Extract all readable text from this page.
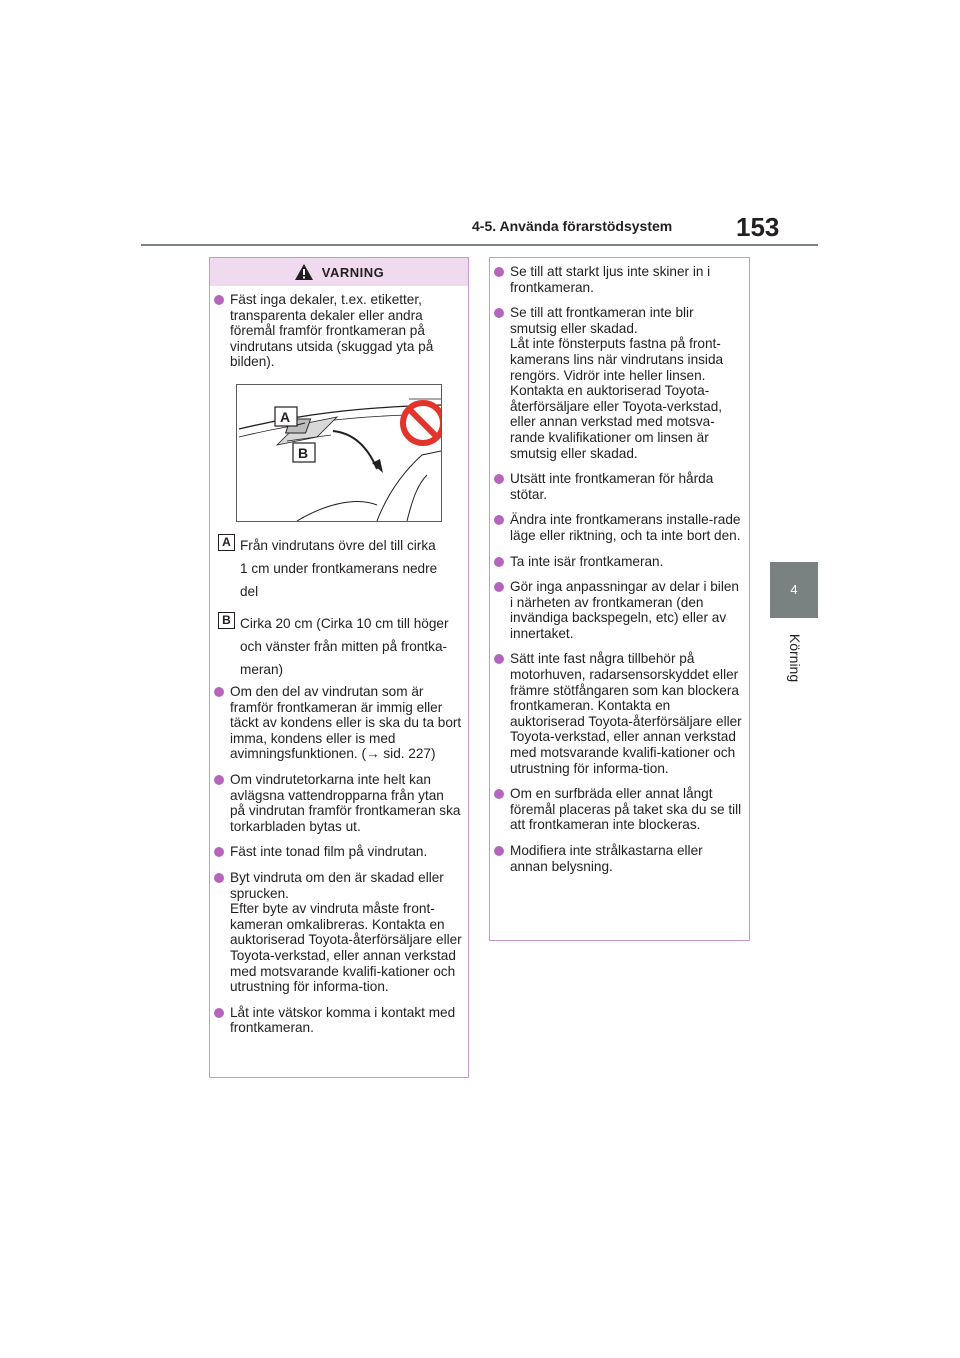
4-5. Använda förarstödsystem 153
4
Körning
VARNING
Fäst inga dekaler, t.ex. etiketter, transparenta dekaler eller andra föremål framför frontkameran på vindrutans utsida (skuggad yta på bilden).
A
B
A Från vindrutans övre del till cirka
1 cm under frontkamerans nedre
del
B Cirka 20 cm (Cirka 10 cm till höger
och vänster från mitten på frontka-
meran)
Om den del av vindrutan som är framför frontkameran är immig eller täckt av kondens eller is ska du ta bort imma, kondens eller is med avimningsfunktionen. (→ sid. 227)
Om vindrutetorkarna inte helt kan avlägsna vattendropparna från ytan på vindrutan framför frontkameran ska torkarbladen bytas ut.
Fäst inte tonad film på vindrutan.
Byt vindruta om den är skadad eller sprucken.
Efter byte av vindruta måste front-kameran omkalibreras. Kontakta en auktoriserad Toyota-återförsäljare eller Toyota-verkstad, eller annan verkstad med motsvarande kvalifi-kationer och utrustning för informa-tion.
Låt inte vätskor komma i kontakt med frontkameran.
Se till att starkt ljus inte skiner in i frontkameran.
Se till att frontkameran inte blir smutsig eller skadad.
Låt inte fönsterputs fastna på front-kamerans lins när vindrutans insida rengörs. Vidrör inte heller linsen. Kontakta en auktoriserad Toyota-återförsäljare eller Toyota-verkstad, eller annan verkstad med motsva-rande kvalifikationer om linsen är smutsig eller skadad.
Utsätt inte frontkameran för hårda stötar.
Ändra inte frontkamerans installe-rade läge eller riktning, och ta inte bort den.
Ta inte isär frontkameran.
Gör inga anpassningar av delar i bilen i närheten av frontkameran (den invändiga backspegeln, etc) eller av innertaket.
Sätt inte fast några tillbehör på motorhuven, radarsensorskyddet eller främre stötfångaren som kan blockera frontkameran. Kontakta en auktoriserad Toyota-återförsäljare eller Toyota-verkstad, eller annan verkstad med motsvarande kvalifi-kationer och utrustning för informa-tion.
Om en surfbräda eller annat långt föremål placeras på taket ska du se till att frontkameran inte blockeras.
Modifiera inte strålkastarna eller annan belysning.
